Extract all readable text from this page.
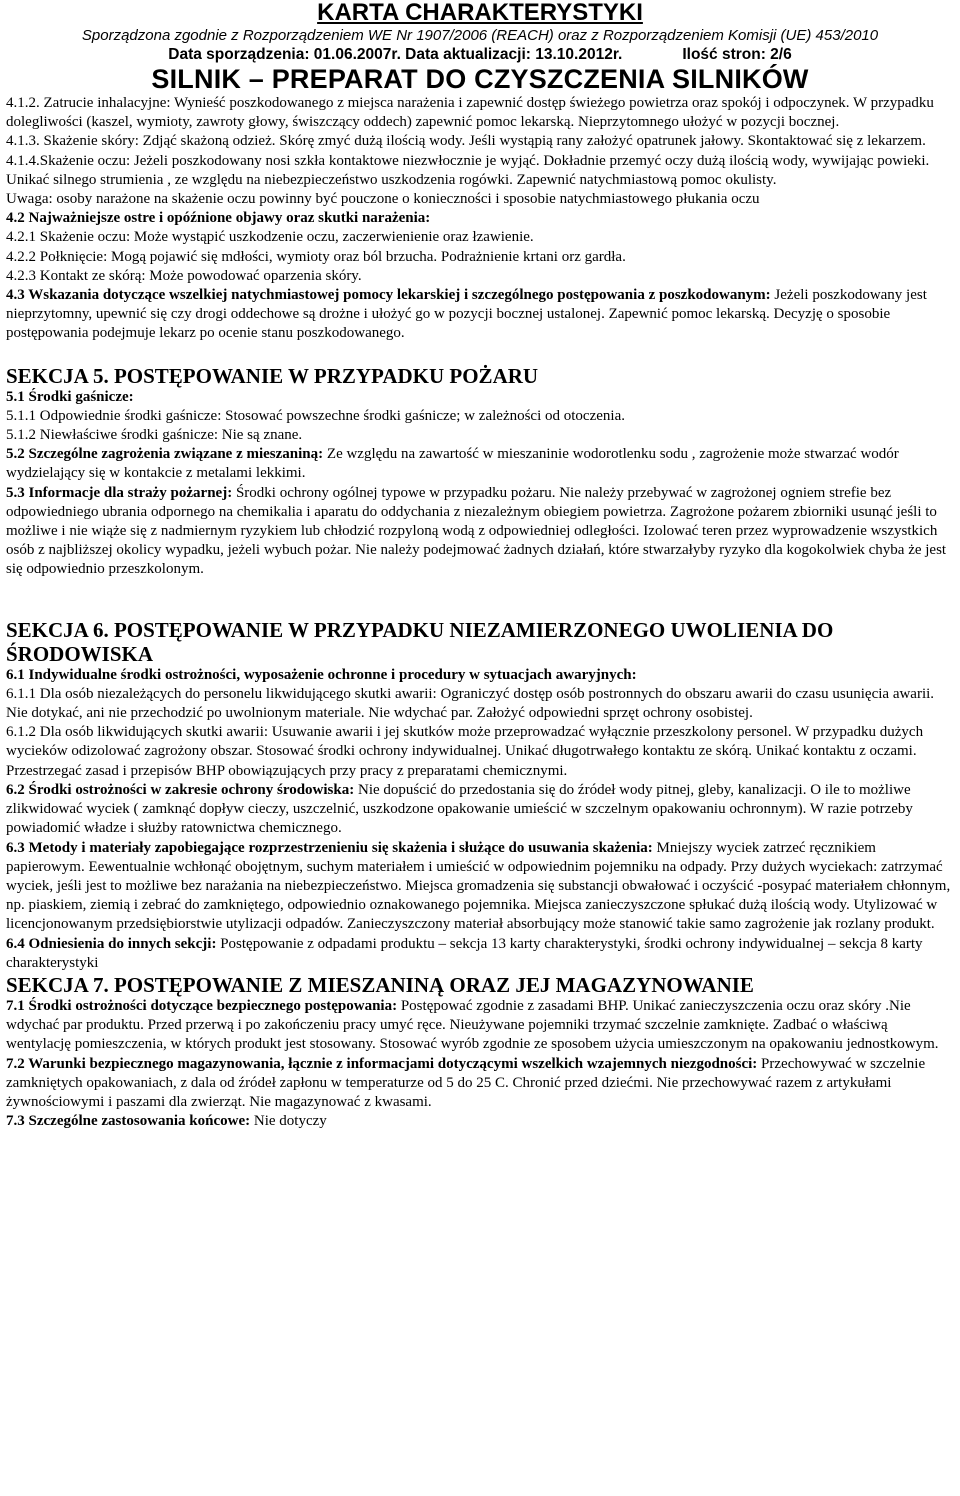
KARTA CHARAKTERYSTYKI
Sporządzona zgodnie z Rozporządzeniem WE Nr 1907/2006 (REACH) oraz z Rozporządzeniem Komisji (UE) 453/2010
Data sporządzenia: 01.06.2007r. Data aktualizacji: 13.10.2012r.	Ilość stron: 2/6
SILNIK – PREPARAT DO CZYSZCZENIA SILNIKÓW

4.1.2. Zatrucie inhalacyjne: Wynieść poszkodowanego z miejsca narażenia i zapewnić dostęp świeżego powietrza oraz spokój i odpoczynek. W przypadku dolegliwości (kaszel, wymioty, zawroty głowy, świszczący oddech) zapewnić pomoc lekarską. Nieprzytomnego ułożyć w pozycji bocznej.

4.1.3. Skażenie skóry: Zdjąć skażoną odzież. Skórę zmyć dużą ilością wody. Jeśli wystąpią rany założyć opatrunek jałowy. Skontaktować się z lekarzem.

4.1.4.Skażenie oczu: Jeżeli poszkodowany nosi szkła kontaktowe niezwłocznie je wyjąć. Dokładnie przemyć oczy dużą ilością wody, wywijając powieki. Unikać silnego strumienia , ze względu na niebezpieczeństwo uszkodzenia rogówki. Zapewnić natychmiastową pomoc okulisty.

Uwaga: osoby narażone na skażenie oczu powinny być pouczone o konieczności i sposobie natychmiastowego płukania oczu

4.2 Najważniejsze ostre i opóźnione objawy oraz skutki narażenia:

4.2.1 Skażenie oczu: Może wystąpić uszkodzenie oczu, zaczerwienienie oraz łzawienie.

4.2.2 Połknięcie: Mogą pojawić się mdłości, wymioty oraz ból brzucha. Podrażnienie krtani orz gardła.

4.2.3 Kontakt ze skórą: Może powodować oparzenia skóry.

4.3 Wskazania dotyczące wszelkiej natychmiastowej pomocy lekarskiej i szczególnego postępowania z poszkodowanym: Jeżeli poszkodowany jest nieprzytomny, upewnić się czy drogi oddechowe są drożne i ułożyć go w pozycji bocznej ustalonej. Zapewnić pomoc lekarską. Decyzję o sposobie postępowania podejmuje lekarz po ocenie stanu poszkodowanego.

SEKCJA 5. POSTĘPOWANIE W PRZYPADKU POŻARU

5.1 Środki gaśnicze:

5.1.1 Odpowiednie środki gaśnicze: Stosować powszechne środki gaśnicze; w zależności od otoczenia.

5.1.2 Niewłaściwe środki gaśnicze: Nie są znane.

5.2 Szczególne zagrożenia związane z mieszaniną: Ze względu na zawartość w mieszaninie wodorotlenku sodu , zagrożenie może stwarzać wodór wydzielający się w kontakcie z metalami lekkimi.

5.3 Informacje dla straży pożarnej: Środki ochrony ogólnej typowe w przypadku pożaru. Nie należy przebywać w zagrożonej ogniem strefie bez odpowiedniego ubrania odpornego na chemikalia i aparatu do oddychania z niezależnym obiegiem powietrza. Zagrożone pożarem zbiorniki usunąć jeśli to możliwe i nie wiąże się z nadmiernym ryzykiem lub chłodzić rozpyloną wodą z odpowiedniej odległości. Izolować teren przez wyprowadzenie wszystkich osób z najbliższej okolicy wypadku, jeżeli wybuch pożar. Nie należy podejmować żadnych działań, które stwarzałyby ryzyko dla kogokolwiek chyba że jest się odpowiednio przeszkolonym.

SEKCJA 6. POSTĘPOWANIE W PRZYPADKU NIEZAMIERZONEGO UWOLIENIA DO ŚRODOWISKA

6.1 Indywidualne środki ostrożności, wyposażenie ochronne i procedury w sytuacjach awaryjnych:

6.1.1 Dla osób niezależących do personelu likwidującego skutki awarii: Ograniczyć dostęp osób postronnych do obszaru awarii do czasu usunięcia awarii. Nie dotykać, ani nie przechodzić po uwolnionym materiale. Nie wdychać par. Założyć odpowiedni sprzęt ochrony osobistej.

6.1.2 Dla osób likwidujących skutki awarii: Usuwanie awarii i jej skutków może przeprowadzać wyłącznie przeszkolony personel. W przypadku dużych wycieków odizolować zagrożony obszar. Stosować środki ochrony indywidualnej. Unikać długotrwałego kontaktu ze skórą. Unikać kontaktu z oczami. Przestrzegać zasad i przepisów BHP obowiązujących przy pracy z preparatami chemicznymi.

6.2 Środki ostrożności w zakresie ochrony środowiska: Nie dopuścić do przedostania się do źródeł wody pitnej, gleby, kanalizacji. O ile to możliwe zlikwidować wyciek ( zamknąć dopływ cieczy, uszczelnić, uszkodzone opakowanie umieścić w szczelnym opakowaniu ochronnym). W razie potrzeby powiadomić władze i służby ratownictwa chemicznego.

6.3 Metody i materiały zapobiegające rozprzestrzenieniu się skażenia i służące do usuwania skażenia: Mniejszy wyciek zatrzeć ręcznikiem papierowym. Eewentualnie wchłonąć obojętnym, suchym materiałem i umieścić w odpowiednim pojemniku na odpady. Przy dużych wyciekach: zatrzymać wyciek, jeśli jest to możliwe bez narażania na niebezpieczeństwo. Miejsca gromadzenia się substancji obwałować i oczyścić -posypać materiałem chłonnym, np. piaskiem, ziemią i zebrać do zamkniętego, odpowiednio oznakowanego pojemnika. Miejsca zanieczyszczone spłukać dużą ilością wody. Utylizować w licencjonowanym przedsiębiorstwie utylizacji odpadów. Zanieczyszczony materiał absorbujący może stanowić takie samo zagrożenie jak rozlany produkt.

6.4 Odniesienia do innych sekcji: Postępowanie z odpadami produktu – sekcja 13 karty charakterystyki, środki ochrony indywidualnej – sekcja 8 karty charakterystyki

SEKCJA 7. POSTĘPOWANIE Z MIESZANINĄ ORAZ JEJ MAGAZYNOWANIE

7.1 Środki ostrożności dotyczące bezpiecznego postępowania: Postępować zgodnie z zasadami BHP. Unikać zanieczyszczenia oczu oraz skóry .Nie wdychać par produktu. Przed przerwą i po zakończeniu pracy umyć ręce. Nieużywane pojemniki trzymać szczelnie zamknięte. Zadbać o właściwą wentylację pomieszczenia, w których produkt jest stosowany. Stosować wyrób zgodnie ze sposobem użycia umieszczonym na opakowaniu jednostkowym.

7.2 Warunki bezpiecznego magazynowania, łącznie z informacjami dotyczącymi wszelkich wzajemnych niezgodności: Przechowywać w szczelnie zamkniętych opakowaniach, z dala od źródeł zapłonu w temperaturze od 5 do 25 C. Chronić przed dziećmi. Nie przechowywać razem z artykułami żywnościowymi i paszami dla zwierząt. Nie magazynować z kwasami.

7.3 Szczególne zastosowania końcowe: Nie dotyczy
